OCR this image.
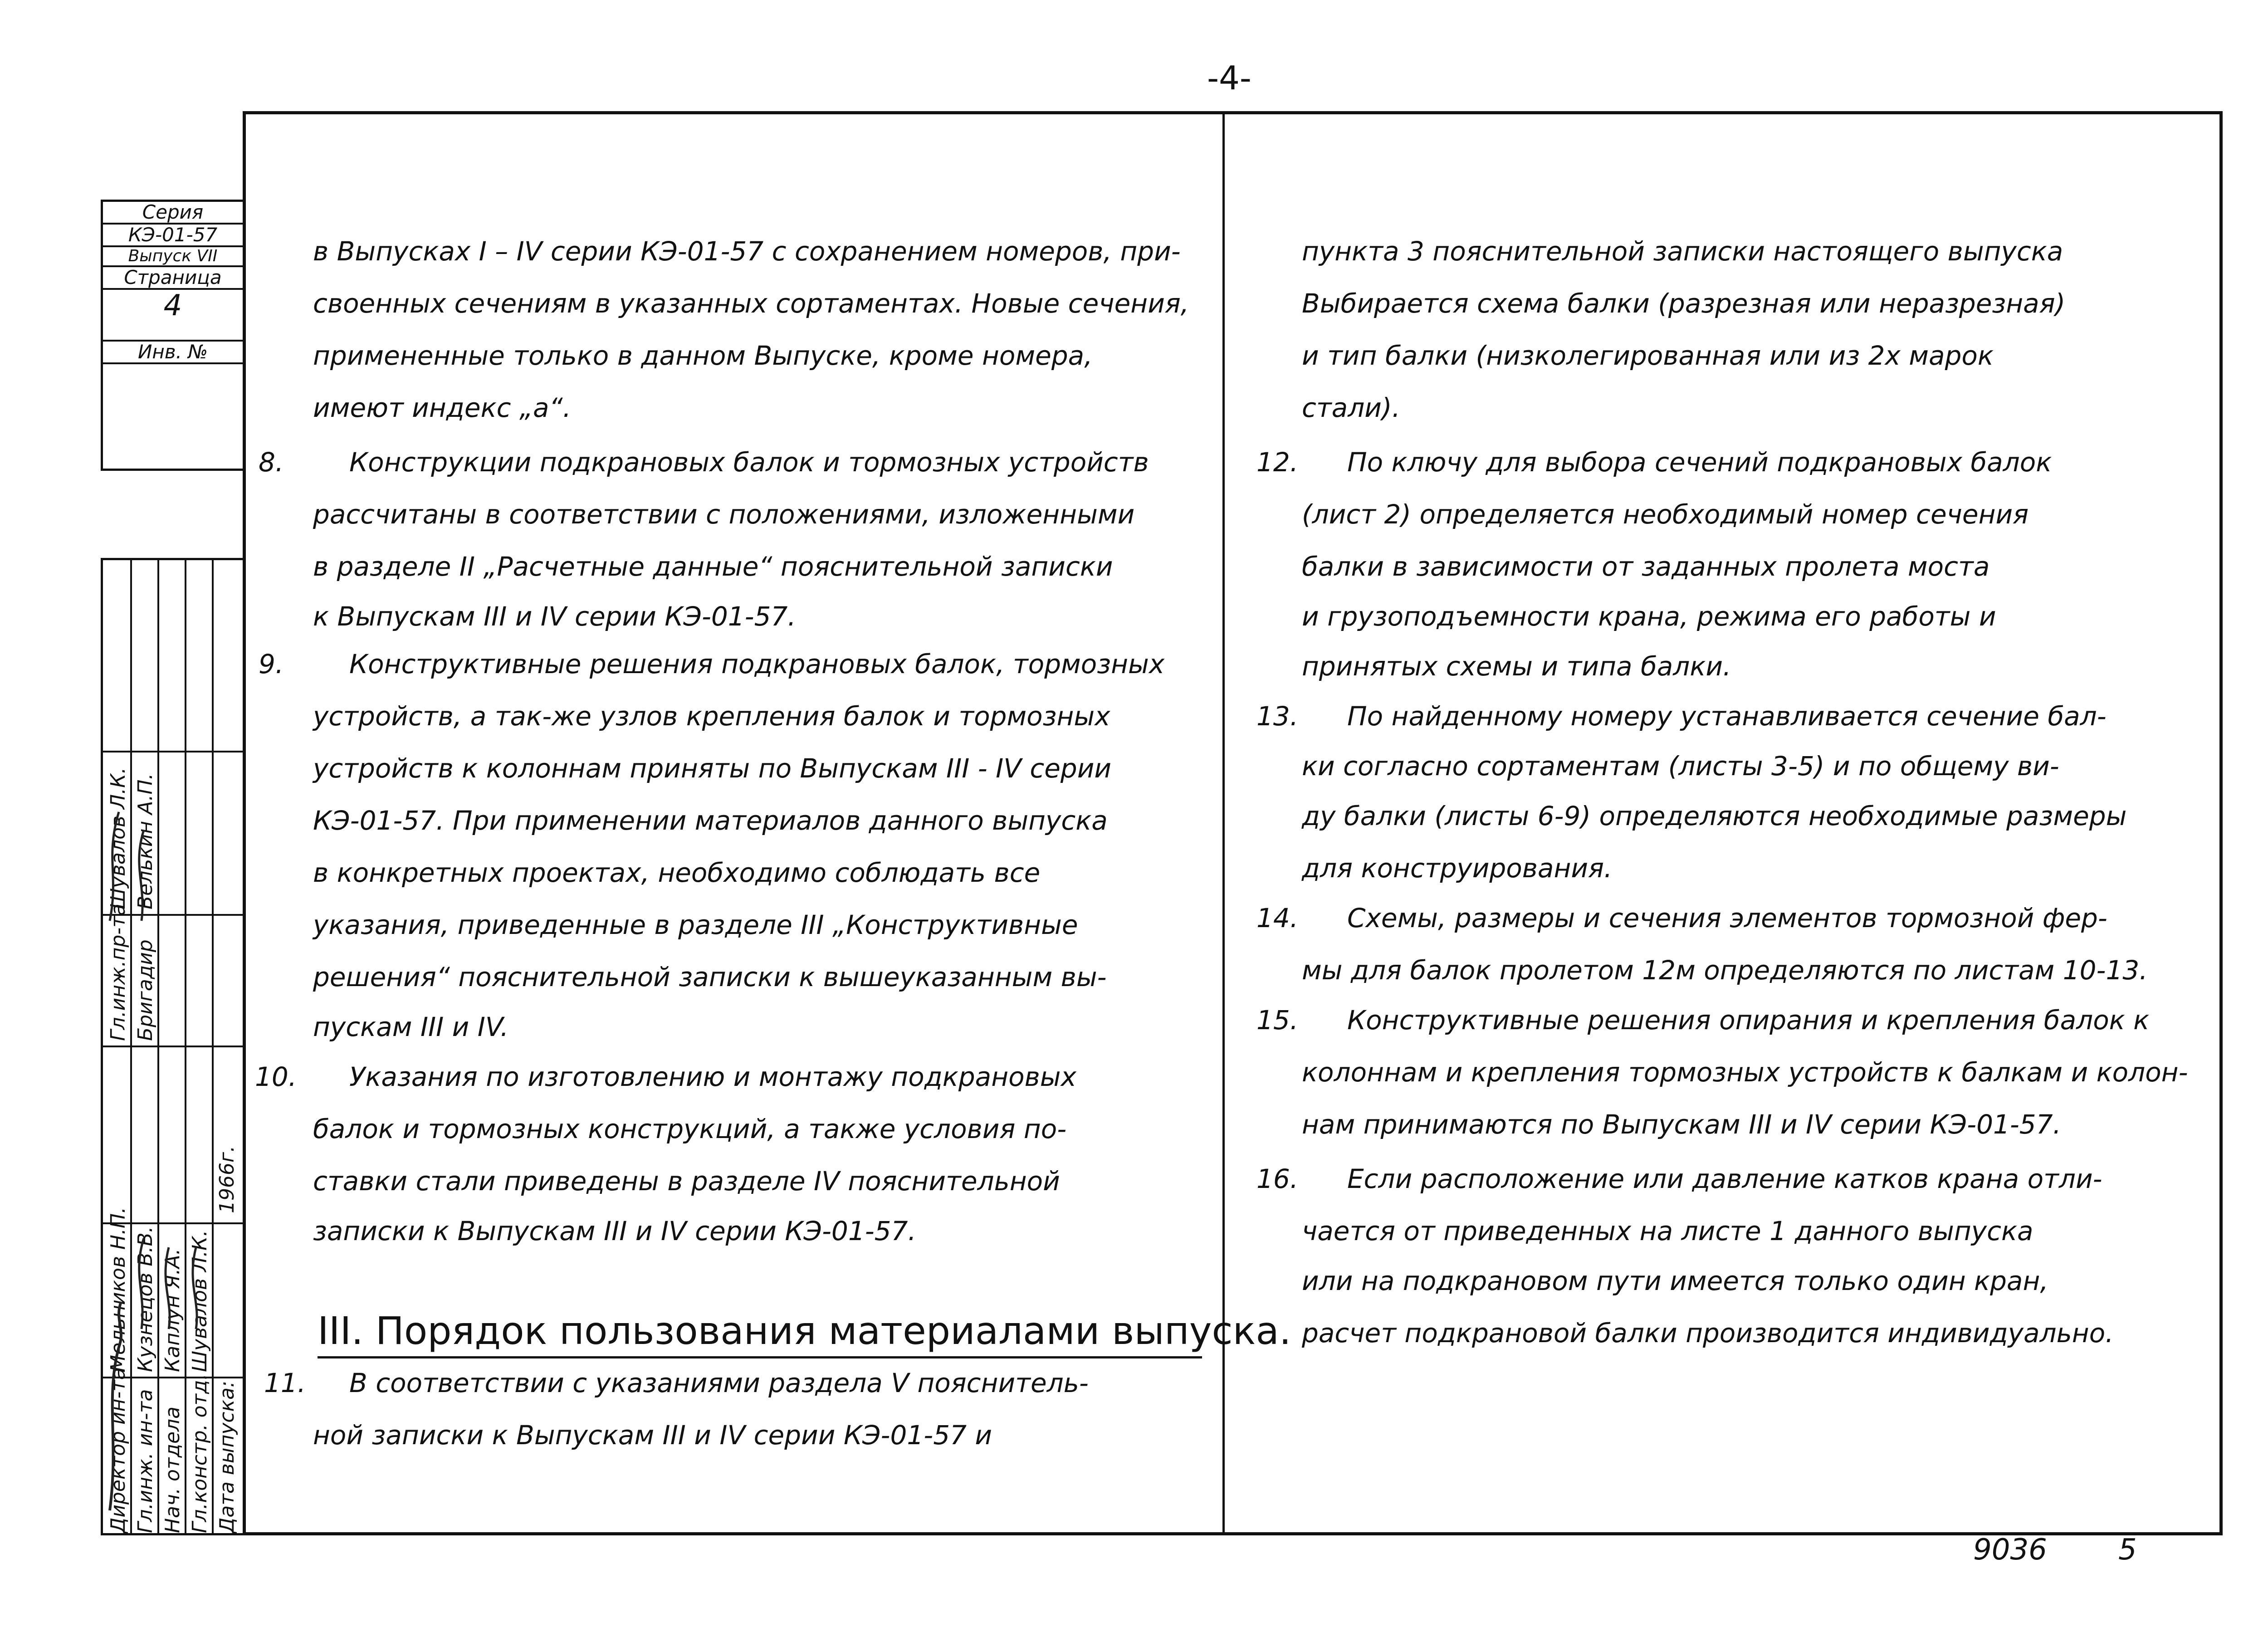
-4-
Серия
КЭ-01-57
Выпуск VII
Страница
4
Инв. №
Директор ин-та Гл.инж. ин-та Нач. отдела Гл.констр. отд. Дата выпуска:
Мельников Н.П. Кузнецов В.В. Каплун Я.А. Шувалов Л.К.
1966г.
Гл.инж.пр-та Бригадир
Шувалов Л.К. Велькин А.П.
8.
9.
10.
11.
в Выпусках I – IV серии КЭ-01-57 с сохранением номеров, при-
своенных сечениям в указанных сортаментах. Новые сечения,
примененные только в данном Выпуске, кроме номера,
имеют индекс „а“.
Конструкции подкрановых балок и тормозных устройств
рассчитаны в соответствии с положениями, изложенными
в разделе II „Расчетные данные“ пояснительной записки
к Выпускам III и IV серии КЭ-01-57.
Конструктивные решения подкрановых балок, тормозных
устройств, а так-же узлов крепления балок и тормозных
устройств к колоннам приняты по Выпускам III - IV серии
КЭ-01-57. При применении материалов данного выпуска
в конкретных проектах, необходимо соблюдать все
указания, приведенные в разделе III „Конструктивные
решения“ пояснительной записки к вышеуказанным вы-
пускам III и IV.
Указания по изготовлению и монтажу подкрановых
балок и тормозных конструкций, а также условия по-
ставки стали приведены в разделе IV пояснительной
записки к Выпускам III и IV серии КЭ-01-57.
В соответствии с указаниями раздела V пояснитель-
ной записки к Выпускам III и IV серии КЭ-01-57 и
III. Порядок пользования материалами выпуска.
12.
13.
14.
15.
16.
пункта 3 пояснительной записки настоящего выпуска
Выбирается схема балки (разрезная или неразрезная)
и тип балки (низколегированная или из 2х марок
стали).
По ключу для выбора сечений подкрановых балок
(лист 2) определяется необходимый номер сечения
балки в зависимости от заданных пролета моста
и грузоподъемности крана, режима его работы и
принятых схемы и типа балки.
По найденному номеру устанавливается сечение бал-
ки согласно сортаментам (листы 3-5) и по общему ви-
ду балки (листы 6-9) определяются необходимые размеры
для конструирования.
Схемы, размеры и сечения элементов тормозной фер-
мы для балок пролетом 12м определяются по листам 10-13.
Конструктивные решения опирания и крепления балок к
колоннам и крепления тормозных устройств к балкам и колон-
нам принимаются по Выпускам III и IV серии КЭ-01-57.
Если расположение или давление катков крана отли-
чается от приведенных на листе 1 данного выпуска
или на подкрановом пути имеется только один кран,
расчет подкрановой балки производится индивидуально.
9036 5
